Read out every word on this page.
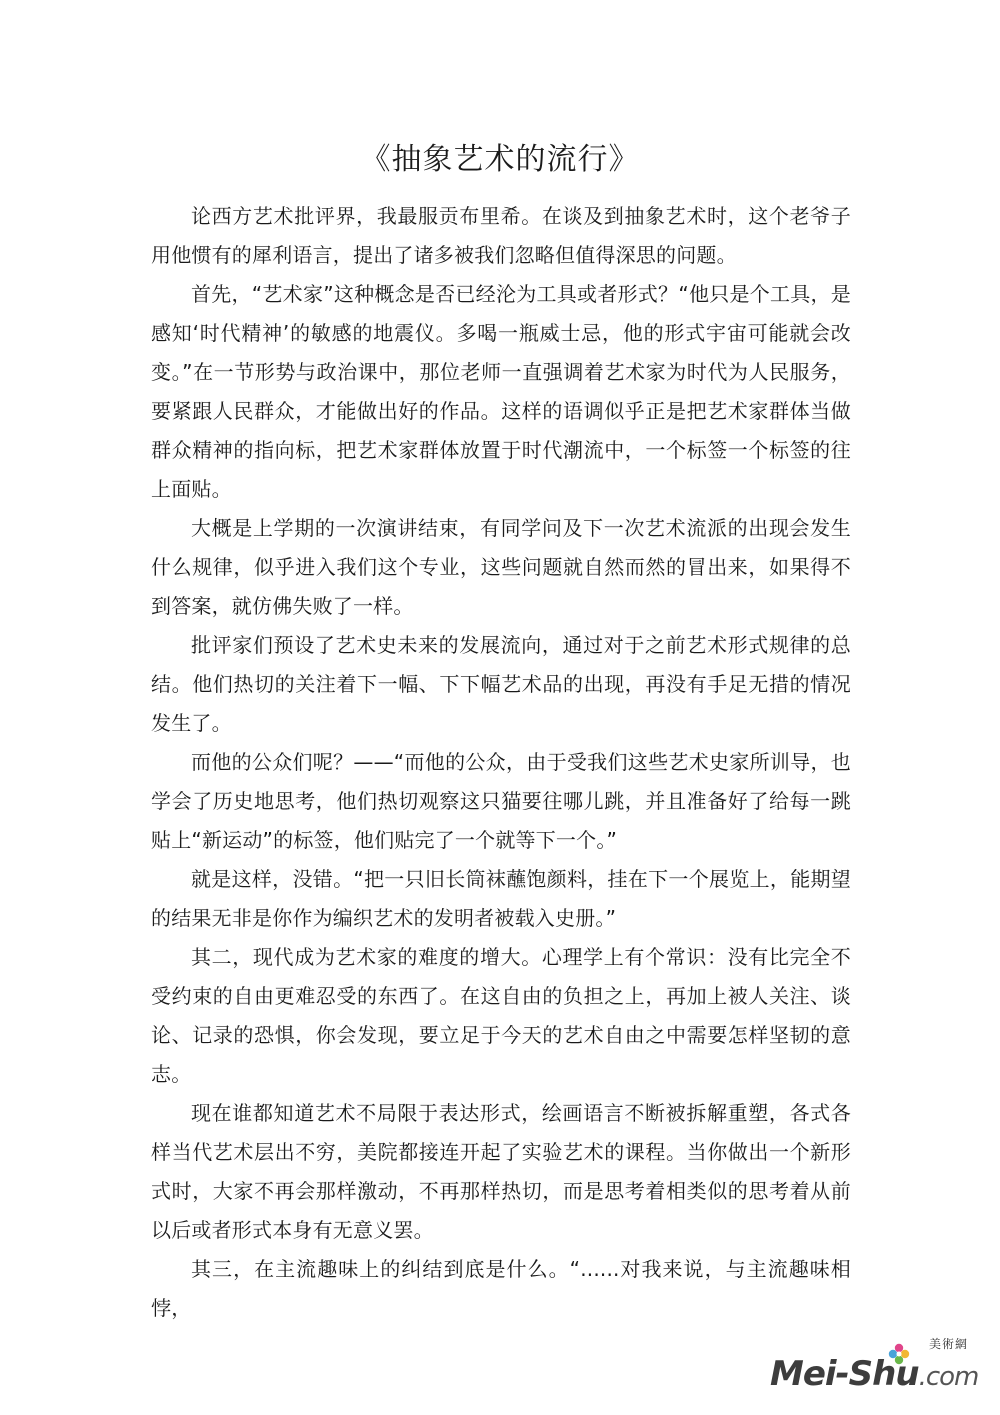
《抽象艺术的流行》

论西方艺术批评界，我最服贡布里希。在谈及到抽象艺术时，这个老爷子用他惯有的犀利语言，提出了诸多被我们忽略但值得深思的问题。

首先，“艺术家”这种概念是否已经沦为工具或者形式？“他只是个工具，是感知‘时代精神’的敏感的地震仪。多喝一瓶威士忌，他的形式宇宙可能就会改变。”在一节形势与政治课中，那位老师一直强调着艺术家为时代为人民服务，要紧跟人民群众，才能做出好的作品。这样的语调似乎正是把艺术家群体当做群众精神的指向标，把艺术家群体放置于时代潮流中，一个标签一个标签的往上面贴。

大概是上学期的一次演讲结束，有同学问及下一次艺术流派的出现会发生什么规律，似乎进入我们这个专业，这些问题就自然而然的冒出来，如果得不到答案，就仿佛失败了一样。

批评家们预设了艺术史未来的发展流向，通过对于之前艺术形式规律的总结。他们热切的关注着下一幅、下下幅艺术品的出现，再没有手足无措的情况发生了。

而他的公众们呢？——“而他的公众，由于受我们这些艺术史家所训导，也学会了历史地思考，他们热切观察这只猫要往哪儿跳，并且准备好了给每一跳贴上“新运动”的标签，他们贴完了一个就等下一个。”

就是这样，没错。“把一只旧长筒袜蘸饱颜料，挂在下一个展览上，能期望的结果无非是你作为编织艺术的发明者被载入史册。”

其二，现代成为艺术家的难度的增大。心理学上有个常识：没有比完全不受约束的自由更难忍受的东西了。在这自由的负担之上，再加上被人关注、谈论、记录的恐惧，你会发现，要立足于今天的艺术自由之中需要怎样坚韧的意志。

现在谁都知道艺术不局限于表达形式，绘画语言不断被拆解重塑，各式各样当代艺术层出不穷，美院都接连开起了实验艺术的课程。当你做出一个新形式时，大家不再会那样激动，不再那样热切，而是思考着相类似的思考着从前以后或者形式本身有无意义罢。

其三，在主流趣味上的纠结到底是什么。“......对我来说，与主流趣味相悖，

美術網
Mei-Shu.com
